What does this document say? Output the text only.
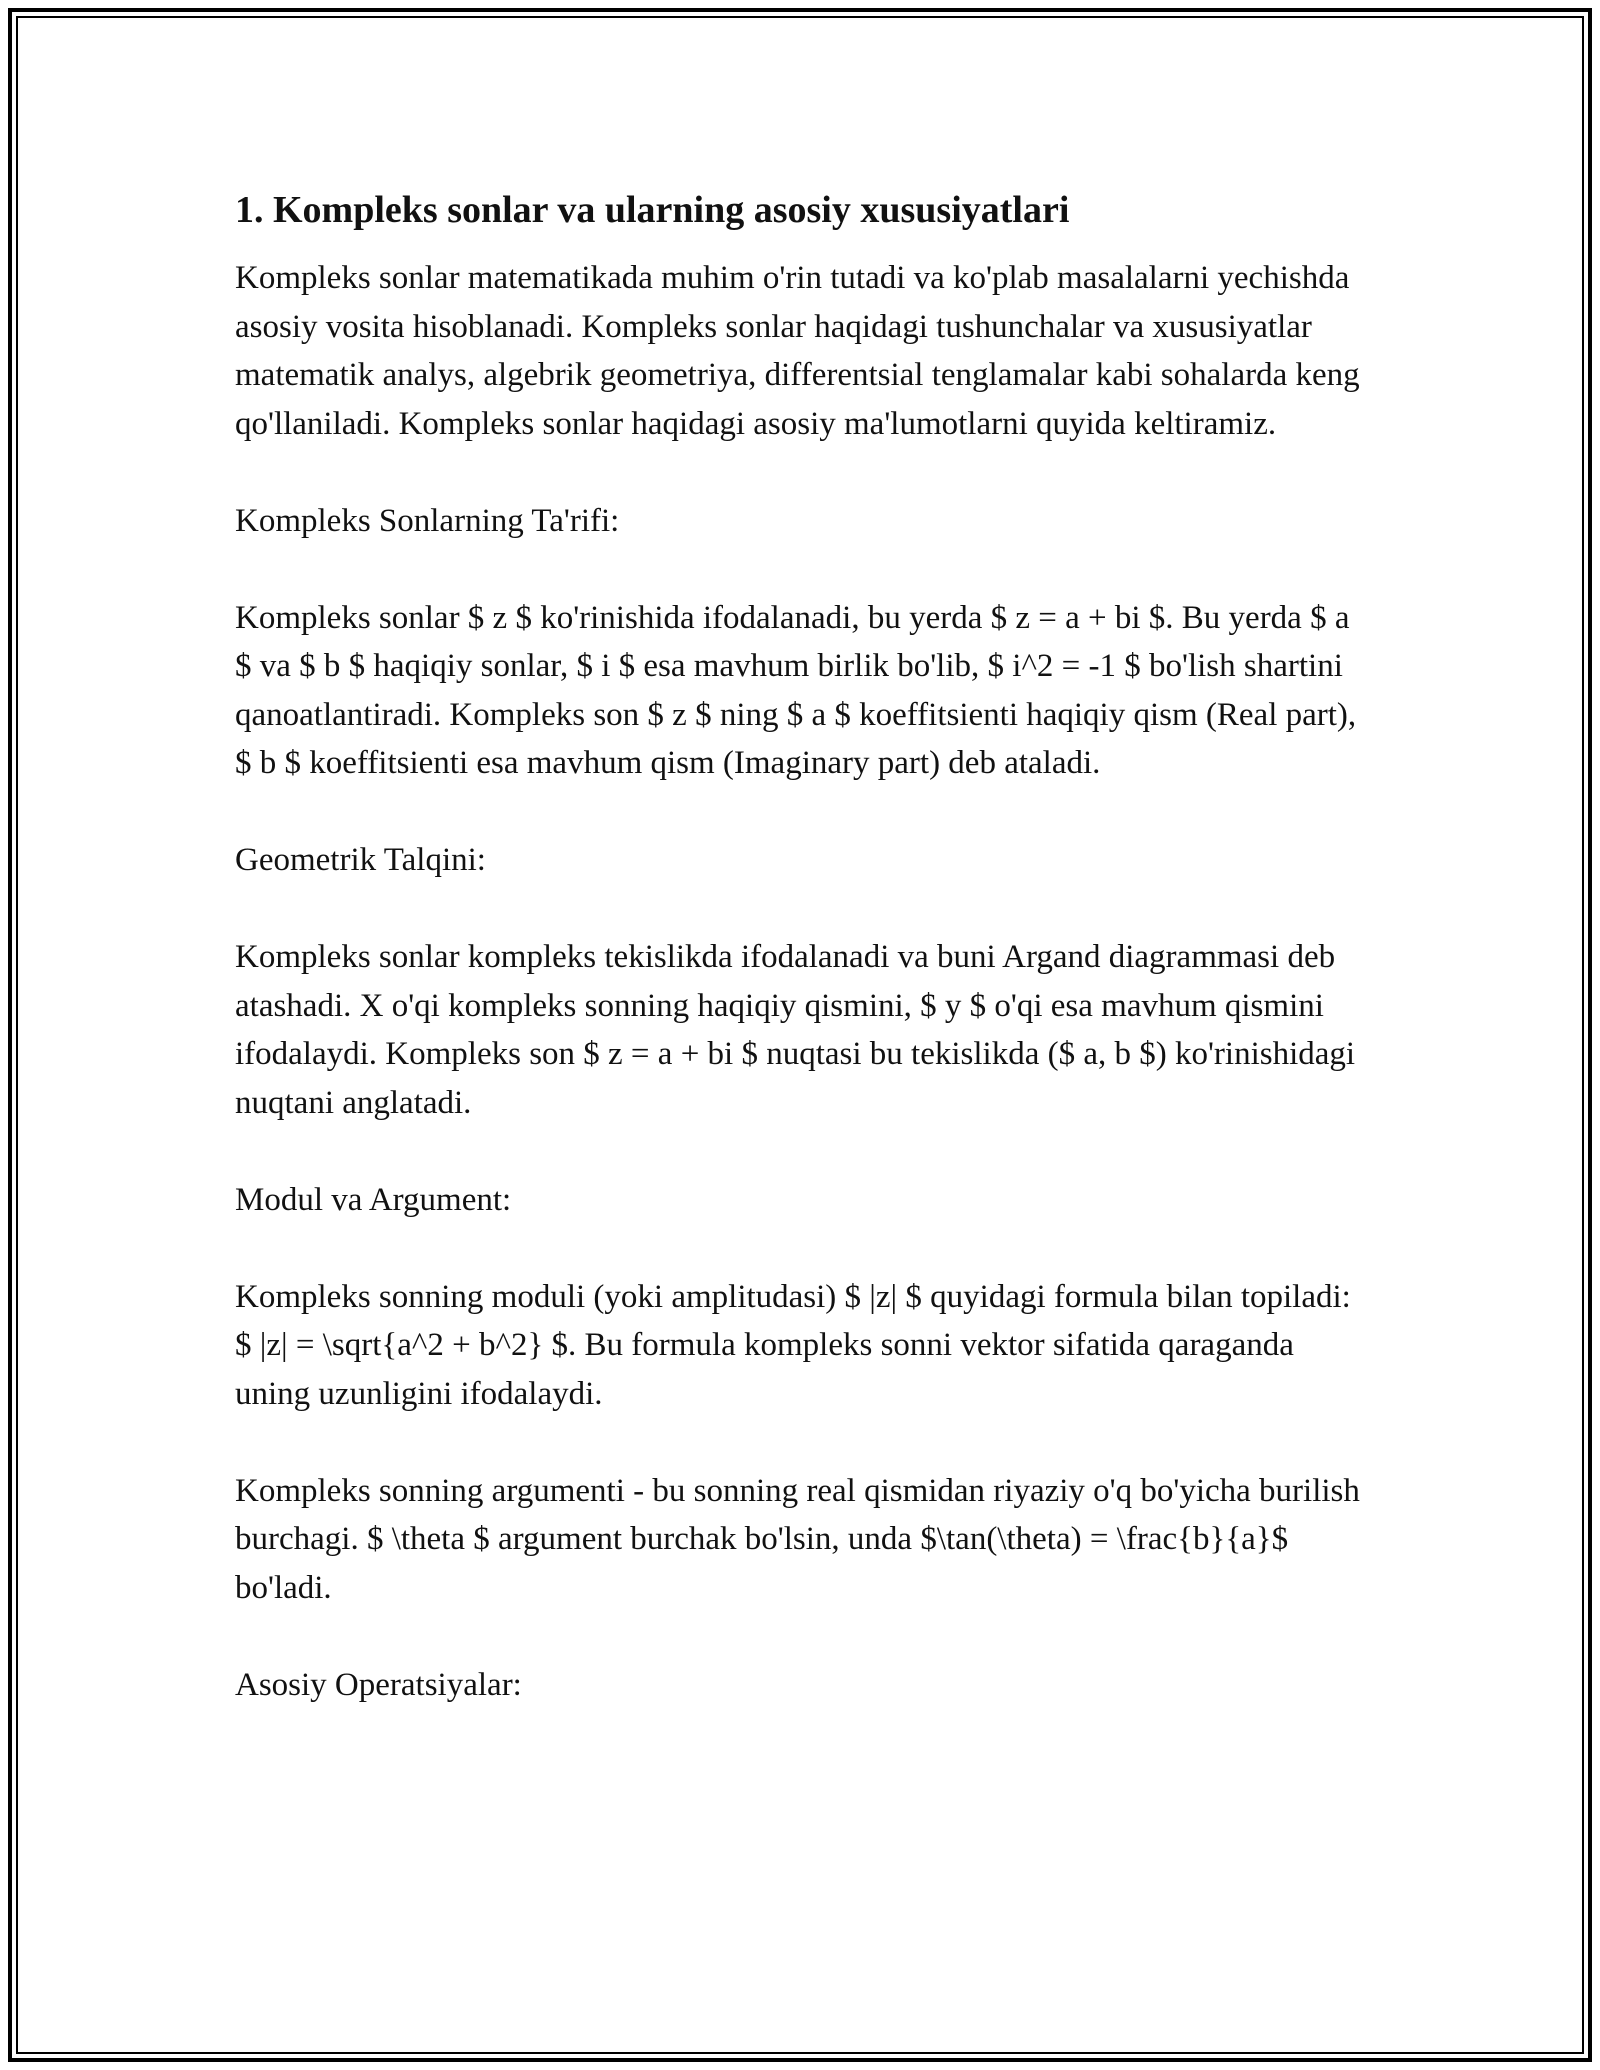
1. Kompleks sonlar va ularning asosiy xususiyatlari

Kompleks sonlar matematikada muhim o'rin tutadi va ko'plab masalalarni yechishda asosiy vosita hisoblanadi. Kompleks sonlar haqidagi tushunchalar va xususiyatlar matematik analys, algebrik geometriya, differentsial tenglamalar kabi sohalarda keng qo'llaniladi. Kompleks sonlar haqidagi asosiy ma'lumotlarni quyida keltiramiz.

Kompleks Sonlarning Ta'rifi:

Kompleks sonlar $ z $ ko'rinishida ifodalanadi, bu yerda $ z = a + bi $. Bu yerda $ a $ va $ b $ haqiqiy sonlar, $ i $ esa mavhum birlik bo'lib, $ i^2 = -1 $ bo'lish shartini qanoatlantiradi. Kompleks son $ z $ ning $ a $ koeffitsienti haqiqiy qism (Real part), $ b $ koeffitsienti esa mavhum qism (Imaginary part) deb ataladi.

Geometrik Talqini:

Kompleks sonlar kompleks tekislikda ifodalanadi va buni Argand diagrammasi deb atashadi. X o'qi kompleks sonning haqiqiy qismini, $ y $ o'qi esa mavhum qismini ifodalaydi. Kompleks son $ z = a + bi $ nuqtasi bu tekislikda ($ a, b $) ko'rinishidagi nuqtani anglatadi.

Modul va Argument:

Kompleks sonning moduli (yoki amplitudasi) $ |z| $ quyidagi formula bilan topiladi: $ |z| = \sqrt{a^2 + b^2} $. Bu formula kompleks sonni vektor sifatida qaraganda uning uzunligini ifodalaydi.

Kompleks sonning argumenti - bu sonning real qismidan riyaziy o'q bo'yicha burilish burchagi. $ \theta $ argument burchak bo'lsin, unda $\tan(\theta) = \frac{b}{a}$ bo'ladi.

Asosiy Operatsiyalar:
